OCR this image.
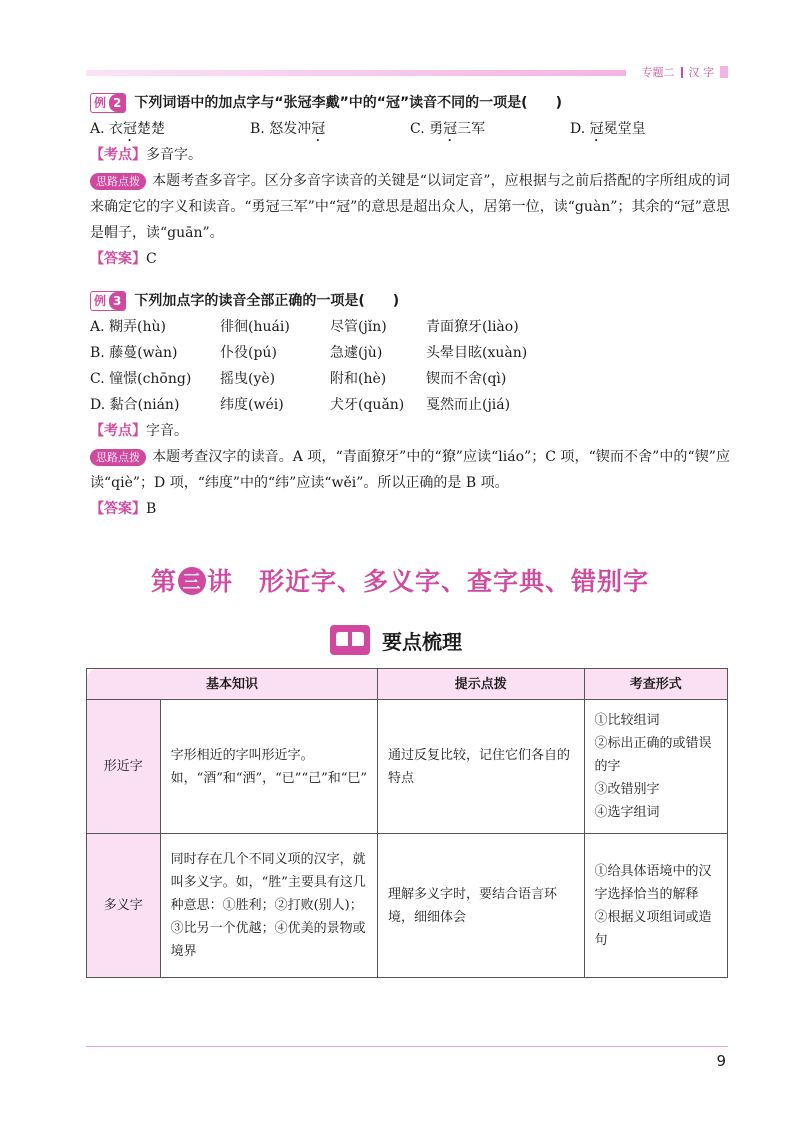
专题二 汉 字
例 2 下列词语中的加点字与“张冠李戴”中的“冠”读音不同的一项是(　　)
A. 衣冠楚楚	B. 怒发冲冠	C. 勇冠三军	D. 冠冕堂皇
【考点】多音字。
思路点拨 本题考查多音字。区分多音字读音的关键是“以词定音”，应根据与之前后搭配的字所组成的词来确定它的字义和读音。“勇冠三军”中“冠”的意思是超出众人，居第一位，读“guàn”；其余的“冠”意思是帽子，读“guān”。
【答案】C
例 3 下列加点字的读音全部正确的一项是(　　)
A. 糊弄(hù)	徘徊(huái)	尽管(jǐn)	青面獠牙(liào)
B. 藤蔓(wàn)	仆役(pú)	急遽(jù)	头晕目眩(xuàn)
C. 憧憬(chōng)	摇曳(yè)	附和(hè)	锲而不舍(qì)
D. 黏合(nián)	纬度(wéi)	犬牙(quǎn)	戛然而止(jiá)
【考点】字音。
思路点拨 本题考查汉字的读音。A 项，“青面獠牙”中的“獠”应读“liáo”；C 项，“锲而不舍”中的“锲”应读“qiè”；D 项，“纬度”中的“纬”应读“wěi”。所以正确的是 B 项。
【答案】B
第 三 讲 形近字、多义字、查字典、错别字
要点梳理
基本知识		提示点拨	考查形式
形近字	字形相近的字叫形近字。如，“酒”和“洒”，“已”“己”和“巳”	通过反复比较，记住它们各自的特点	①比较组词
②标出正确的或错误的字
③改错别字
④选字组词

多义字	同时存在几个不同义项的汉字，就叫多义字。如，“胜”主要具有这几种意思：①胜利；②打败(别人)；③比另一个优越；④优美的景物或境界	理解多义字时，要结合语言环境，细细体会	①给具体语境中的汉字选择恰当的解释
②根据义项组词或造句
9
